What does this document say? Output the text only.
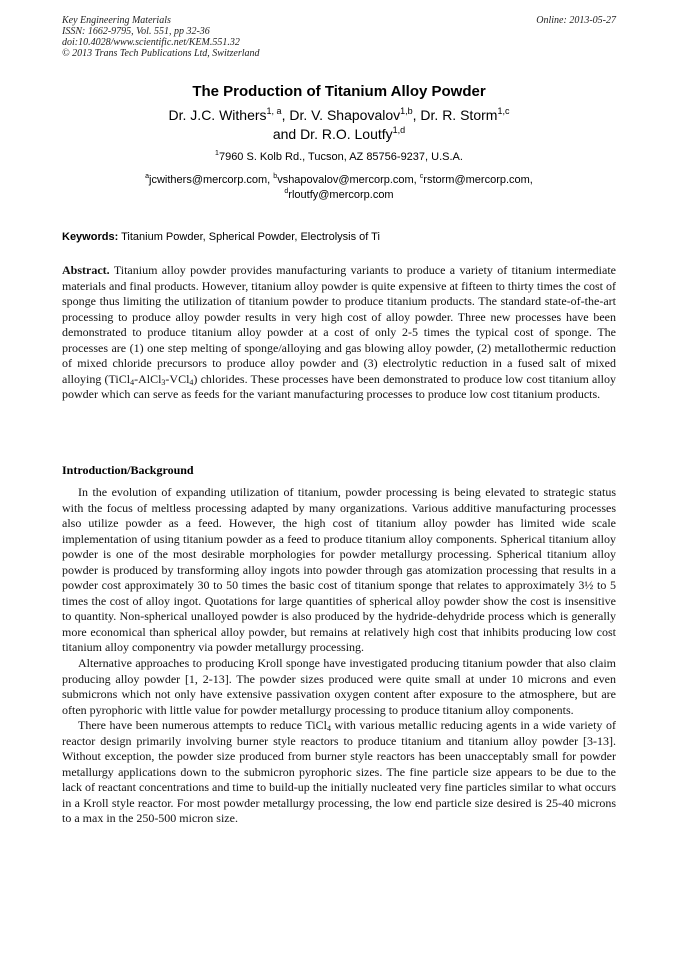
Key Engineering Materials
ISSN: 1662-9795, Vol. 551, pp 32-36
doi:10.4028/www.scientific.net/KEM.551.32
© 2013 Trans Tech Publications Ltd, Switzerland
Online: 2013-05-27
The Production of Titanium Alloy Powder
Dr. J.C. Withers$^{1, a}$, Dr. V. Shapovalov$^{1,b}$, Dr. R. Storm$^{1,c}$
and Dr. R.O. Loutfy$^{1,d}$
$^1$7960 S. Kolb Rd., Tucson, AZ 85756-9237, U.S.A.
$^a$jcwithers@mercorp.com, $^b$vshapovalov@mercorp.com, $^c$rstorm@mercorp.com,
$^d$rloutfy@mercorp.com
Keywords: Titanium Powder, Spherical Powder, Electrolysis of Ti
Abstract. Titanium alloy powder provides manufacturing variants to produce a variety of titanium intermediate materials and final products. However, titanium alloy powder is quite expensive at fifteen to thirty times the cost of sponge thus limiting the utilization of titanium powder to produce titanium products. The standard state-of-the-art processing to produce alloy powder results in very high cost of alloy powder. Three new processes have been demonstrated to produce titanium alloy powder at a cost of only 2-5 times the typical cost of sponge. The processes are (1) one step melting of sponge/alloying and gas blowing alloy powder, (2) metallothermic reduction of mixed chloride precursors to produce alloy powder and (3) electrolytic reduction in a fused salt of mixed alloying (TiCl$_4$-AlCl$_3$-VCl$_4$) chlorides. These processes have been demonstrated to produce low cost titanium alloy powder which can serve as feeds for the variant manufacturing processes to produce low cost titanium products.
Introduction/Background

In the evolution of expanding utilization of titanium, powder processing is being elevated to strategic status with the focus of meltless processing adapted by many organizations. Various additive manufacturing processes also utilize powder as a feed. However, the high cost of titanium alloy powder has limited wide scale implementation of using titanium powder as a feed to produce titanium alloy components. Spherical titanium alloy powder is one of the most desirable morphologies for powder metallurgy processing. Spherical titanium alloy powder is produced by transforming alloy ingots into powder through gas atomization processing that results in a powder cost approximately 30 to 50 times the basic cost of titanium sponge that relates to approximately 3½ to 5 times the cost of alloy ingot. Quotations for large quantities of spherical alloy powder show the cost is insensitive to quantity. Non-spherical unalloyed powder is also produced by the hydride-dehydride process which is generally more economical than spherical alloy powder, but remains at relatively high cost that inhibits producing low cost titanium alloy componentry via powder metallurgy processing.

Alternative approaches to producing Kroll sponge have investigated producing titanium powder that also claim producing alloy powder [1, 2-13]. The powder sizes produced were quite small at under 10 microns and even submicrons which not only have extensive passivation oxygen content after exposure to the atmosphere, but are often pyrophoric with little value for powder metallurgy processing to produce titanium alloy components.

There have been numerous attempts to reduce TiCl$_4$ with various metallic reducing agents in a wide variety of reactor design primarily involving burner style reactors to produce titanium and titanium alloy powder [3-13]. Without exception, the powder size produced from burner style reactors has been unacceptably small for powder metallurgy applications down to the submicron pyrophoric sizes. The fine particle size appears to be due to the lack of reactant concentrations and time to build-up the initially nucleated very fine particles similar to what occurs in a Kroll style reactor. For most powder metallurgy processing, the low end particle size desired is 25-40 microns to a max in the 250-500 micron size.
